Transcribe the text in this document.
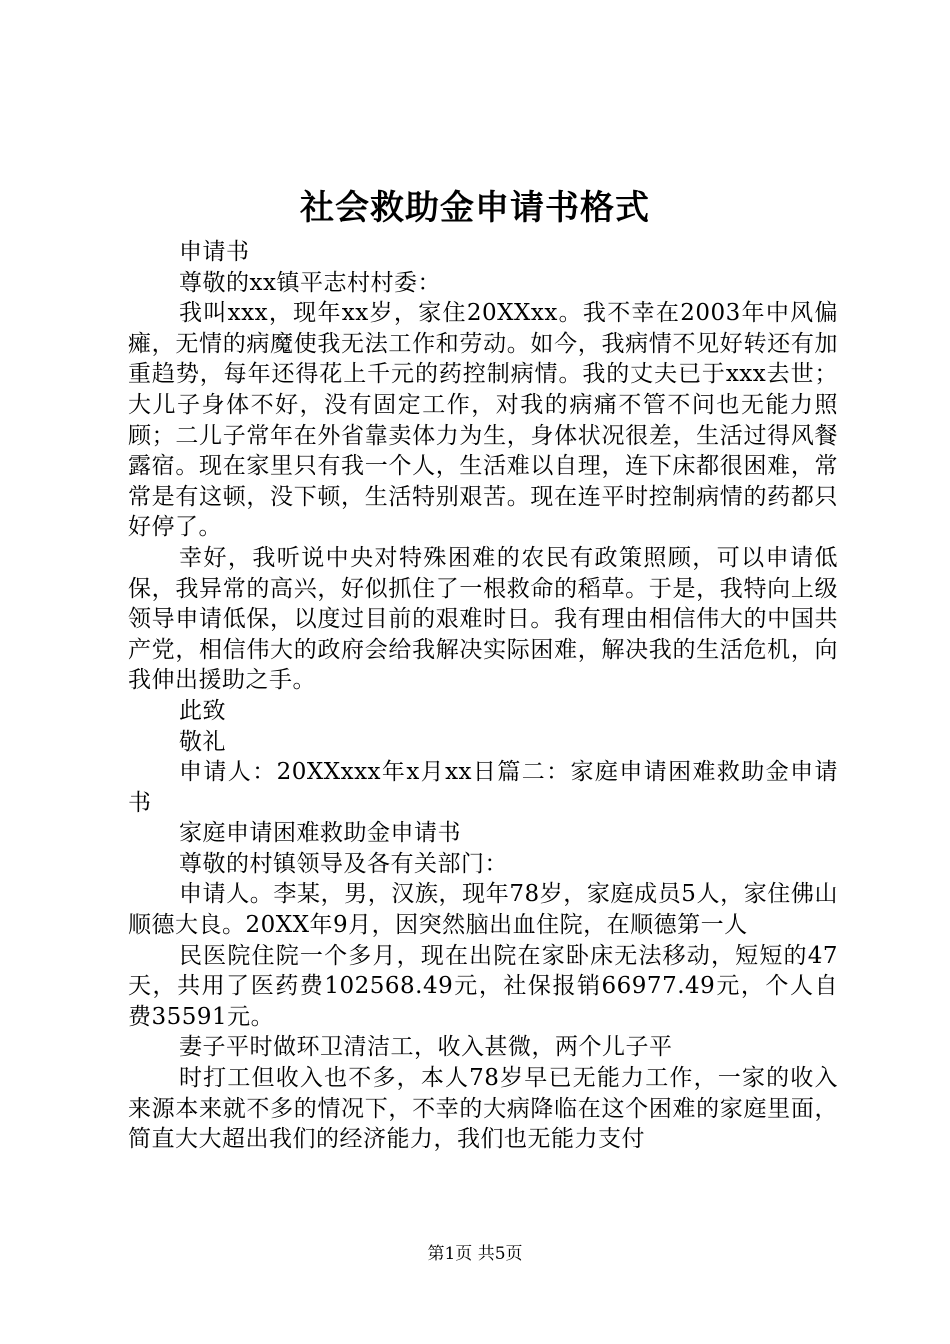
社会救助金申请书格式

申请书

尊敬的xx镇平志村村委：

我叫xxx，现年xx岁，家住20XXxx。我不幸在2003年中风偏瘫，无情的病魔使我无法工作和劳动。如今，我病情不见好转还有加重趋势，每年还得花上千元的药控制病情。我的丈夫已于xxx去世；大儿子身体不好，没有固定工作，对我的病痛不管不问也无能力照顾；二儿子常年在外省靠卖体力为生，身体状况很差，生活过得风餐露宿。现在家里只有我一个人，生活难以自理，连下床都很困难，常常是有这顿，没下顿，生活特别艰苦。现在连平时控制病情的药都只好停了。

幸好，我听说中央对特殊困难的农民有政策照顾，可以申请低保，我异常的高兴，好似抓住了一根救命的稻草。于是，我特向上级领导申请低保，以度过目前的艰难时日。我有理由相信伟大的中国共产党，相信伟大的政府会给我解决实际困难，解决我的生活危机，向我伸出援助之手。

此致

敬礼

申请人：20XXxxx年x月xx日篇二：家庭申请困难救助金申请书

家庭申请困难救助金申请书

尊敬的村镇领导及各有关部门：

申请人。李某，男，汉族，现年78岁，家庭成员5人，家住佛山顺德大良。20XX年9月，因突然脑出血住院，在顺德第一人

民医院住院一个多月，现在出院在家卧床无法移动，短短的47天，共用了医药费102568.49元，社保报销66977.49元，个人自费35591元。

妻子平时做环卫清洁工，收入甚微，两个儿子平

时打工但收入也不多，本人78岁早已无能力工作，一家的收入来源本来就不多的情况下，不幸的大病降临在这个困难的家庭里面，简直大大超出我们的经济能力，我们也无能力支付

第1页 共5页
